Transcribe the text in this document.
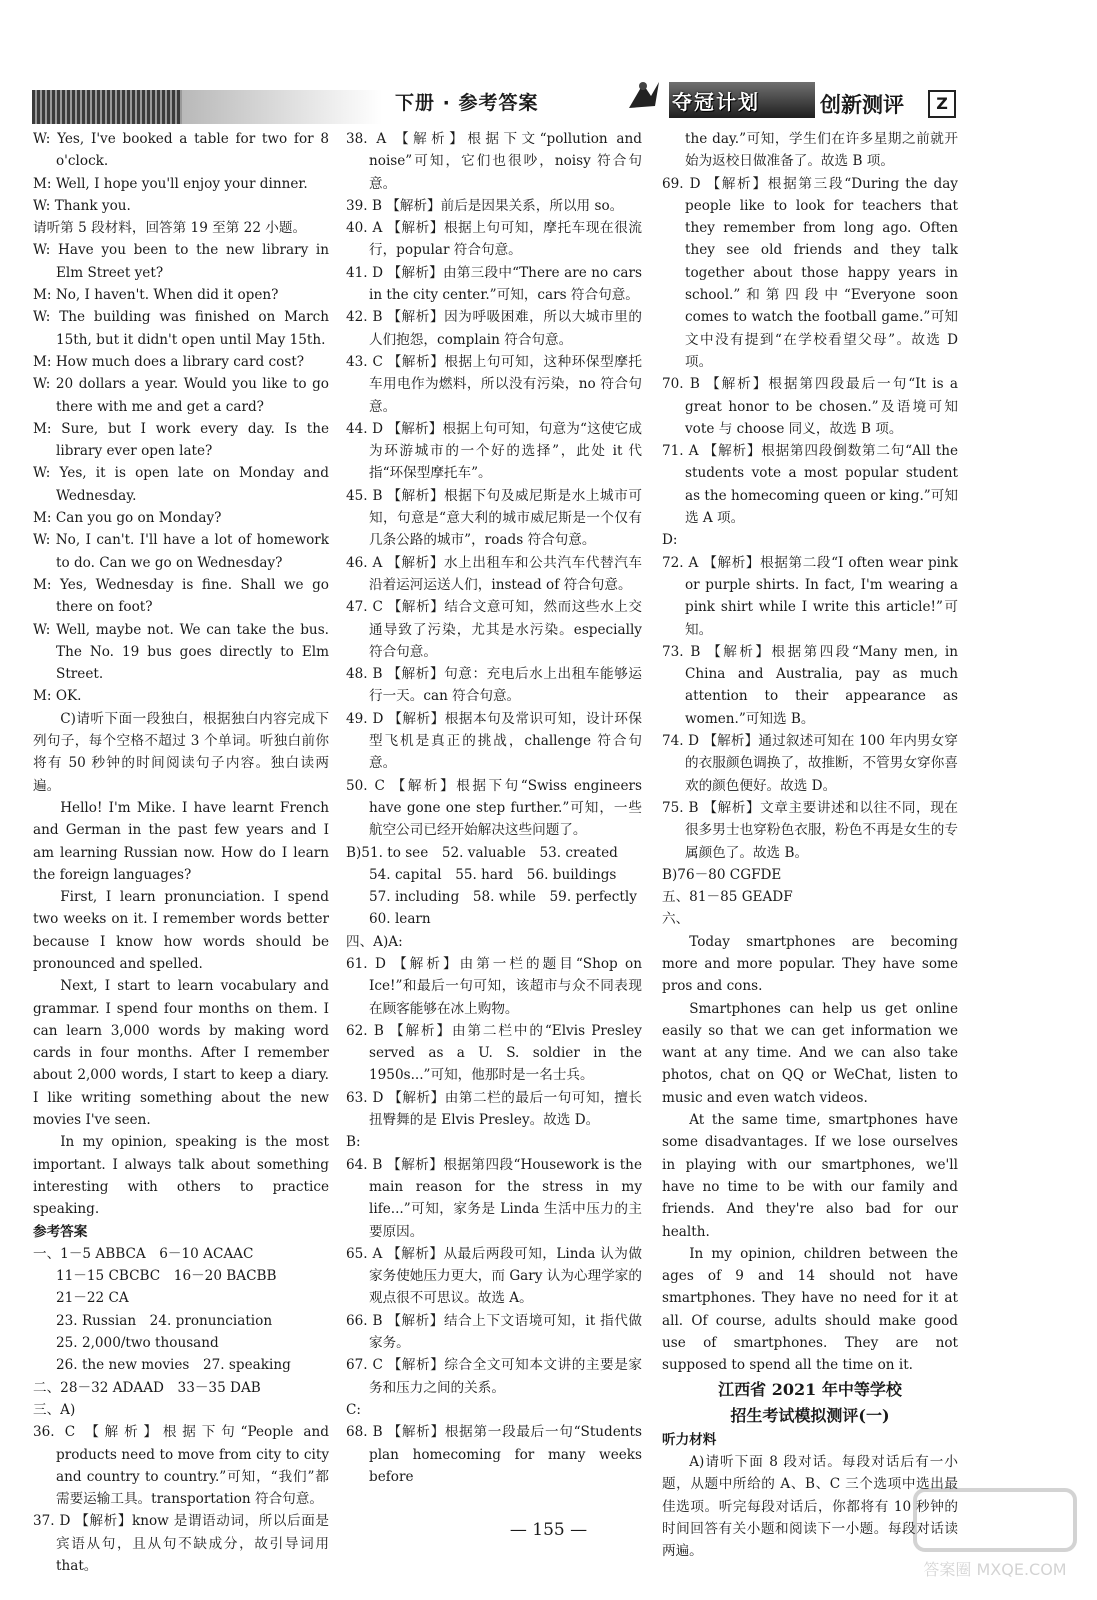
下册 · 参考答案	夺冠计划	创新测评	Z

W: Yes, I've booked a table for two for 8 o'clock.

M: Well, I hope you'll enjoy your dinner.

W: Thank you.

请听第 5 段材料，回答第 19 至第 22 小题。

W: Have you been to the new library in Elm Street yet?

M: No, I haven't. When did it open?

W: The building was finished on March 15th, but it didn't open until May 15th.

M: How much does a library card cost?

W: 20 dollars a year. Would you like to go there with me and get a card?

M: Sure, but I work every day. Is the library ever open late?

W: Yes, it is open late on Monday and Wednesday.

M: Can you go on Monday?

W: No, I can't. I'll have a lot of homework to do. Can we go on Wednesday?

M: Yes, Wednesday is fine. Shall we go there on foot?

W: Well, maybe not. We can take the bus. The No. 19 bus goes directly to Elm Street.

M: OK.

C)请听下面一段独白，根据独白内容完成下列句子，每个空格不超过 3 个单词。听独白前你将有 50 秒钟的时间阅读句子内容。独白读两遍。

Hello! I'm Mike. I have learnt French and German in the past few years and I am learning Russian now. How do I learn the foreign languages?

First, I learn pronunciation. I spend two weeks on it. I remember words better because I know how words should be pronounced and spelled.

Next, I start to learn vocabulary and grammar. I spend four months on them. I can learn 3,000 words by making word cards in four months. After I remember about 2,000 words, I start to keep a diary. I like writing something about the new movies I've seen.

In my opinion, speaking is the most important. I always talk about something interesting with others to practice speaking.

参考答案

一、1－5 ABBCA　6－10 ACAAC

11－15 CBCBC　16－20 BACBB

21－22 CA

23. Russian　24. pronunciation

25. 2,000/two thousand

26. the new movies　27. speaking

二、28－32 ADAAD　33－35 DAB

三、A)

36. C 【解析】根据下句“People and products need to move from city to city and country to country.”可知，“我们”都需要运输工具。transportation 符合句意。

37. D 【解析】know 是谓语动词，所以后面是宾语从句，且从句不缺成分，故引导词用 that。

38. A 【解析】根据下文“pollution and noise”可知，它们也很吵，noisy 符合句意。

39. B 【解析】前后是因果关系，所以用 so。

40. A 【解析】根据上句可知，摩托车现在很流行，popular 符合句意。

41. D 【解析】由第三段中“There are no cars in the city center.”可知，cars 符合句意。

42. B 【解析】因为呼吸困难，所以大城市里的人们抱怨，complain 符合句意。

43. C 【解析】根据上句可知，这种环保型摩托车用电作为燃料，所以没有污染，no 符合句意。

44. D 【解析】根据上句可知，句意为“这使它成为环游城市的一个好的选择”，此处 it 代指“环保型摩托车”。

45. B 【解析】根据下句及威尼斯是水上城市可知，句意是“意大利的城市威尼斯是一个仅有几条公路的城市”，roads 符合句意。

46. A 【解析】水上出租车和公共汽车代替汽车沿着运河运送人们，instead of 符合句意。

47. C 【解析】结合文意可知，然而这些水上交通导致了污染，尤其是水污染。especially 符合句意。

48. B 【解析】句意：充电后水上出租车能够运行一天。can 符合句意。

49. D 【解析】根据本句及常识可知，设计环保型飞机是真正的挑战，challenge 符合句意。

50. C 【解析】根据下句“Swiss engineers have gone one step further.”可知，一些航空公司已经开始解决这些问题了。

B)51. to see　52. valuable　53. created

54. capital　55. hard　56. buildings

57. including　58. while　59. perfectly

60. learn

四、A)A:

61. D 【解析】由第一栏的题目“Shop on Ice!”和最后一句可知，该超市与众不同表现在顾客能够在冰上购物。

62. B 【解析】由第二栏中的“Elvis Presley served as a U. S. soldier in the 1950s...”可知，他那时是一名士兵。

63. D 【解析】由第二栏的最后一句可知，擅长扭臀舞的是 Elvis Presley。故选 D。

B:

64. B 【解析】根据第四段“Housework is the main reason for the stress in my life...”可知，家务是 Linda 生活中压力的主要原因。

65. A 【解析】从最后两段可知，Linda 认为做家务使她压力更大，而 Gary 认为心理学家的观点很不可思议。故选 A。

66. B 【解析】结合上下文语境可知，it 指代做家务。

67. C 【解析】综合全文可知本文讲的主要是家务和压力之间的关系。

C:

68. B 【解析】根据第一段最后一句“Students plan homecoming for many weeks before

the day.”可知，学生们在许多星期之前就开始为返校日做准备了。故选 B 项。

69. D 【解析】根据第三段“During the day people like to look for teachers that they remember from long ago. Often they see old friends and they talk together about those happy years in school.”和第四段中“Everyone soon comes to watch the football game.”可知文中没有提到“在学校看望父母”。故选 D 项。

70. B 【解析】根据第四段最后一句“It is a great honor to be chosen.”及语境可知 vote 与 choose 同义，故选 B 项。

71. A 【解析】根据第四段倒数第二句“All the students vote a most popular student as the homecoming queen or king.”可知选 A 项。

D:

72. A 【解析】根据第二段“I often wear pink or purple shirts. In fact, I'm wearing a pink shirt while I write this article!”可知。

73. B 【解析】根据第四段“Many men, in China and Australia, pay as much attention to their appearance as women.”可知选 B。

74. D 【解析】通过叙述可知在 100 年内男女穿的衣服颜色调换了，故推断，不管男女穿你喜欢的颜色便好。故选 D。

75. B 【解析】文章主要讲述和以往不同，现在很多男士也穿粉色衣服，粉色不再是女生的专属颜色了。故选 B。

B)76－80 CGFDE

五、81－85 GEADF

六、

Today smartphones are becoming more and more popular. They have some pros and cons.

Smartphones can help us get online easily so that we can get information we want at any time. And we can also take photos, chat on QQ or WeChat, listen to music and even watch videos.

At the same time, smartphones have some disadvantages. If we lose ourselves in playing with our smartphones, we'll have no time to be with our family and friends. And they're also bad for our health.

In my opinion, children between the ages of 9 and 14 should not have smartphones. They have no need for it at all. Of course, adults should make good use of smartphones. They are not supposed to spend all the time on it.

江西省 2021 年中等学校

招生考试模拟测评(一)

听力材料

A)请听下面 8 段对话。每段对话后有一小题，从题中所给的 A、B、C 三个选项中选出最佳选项。听完每段对话后，你都将有 10 秒钟的时间回答有关小题和阅读下一小题。每段对话读两遍。

— 155 —
答案圈 MXQE.COM
